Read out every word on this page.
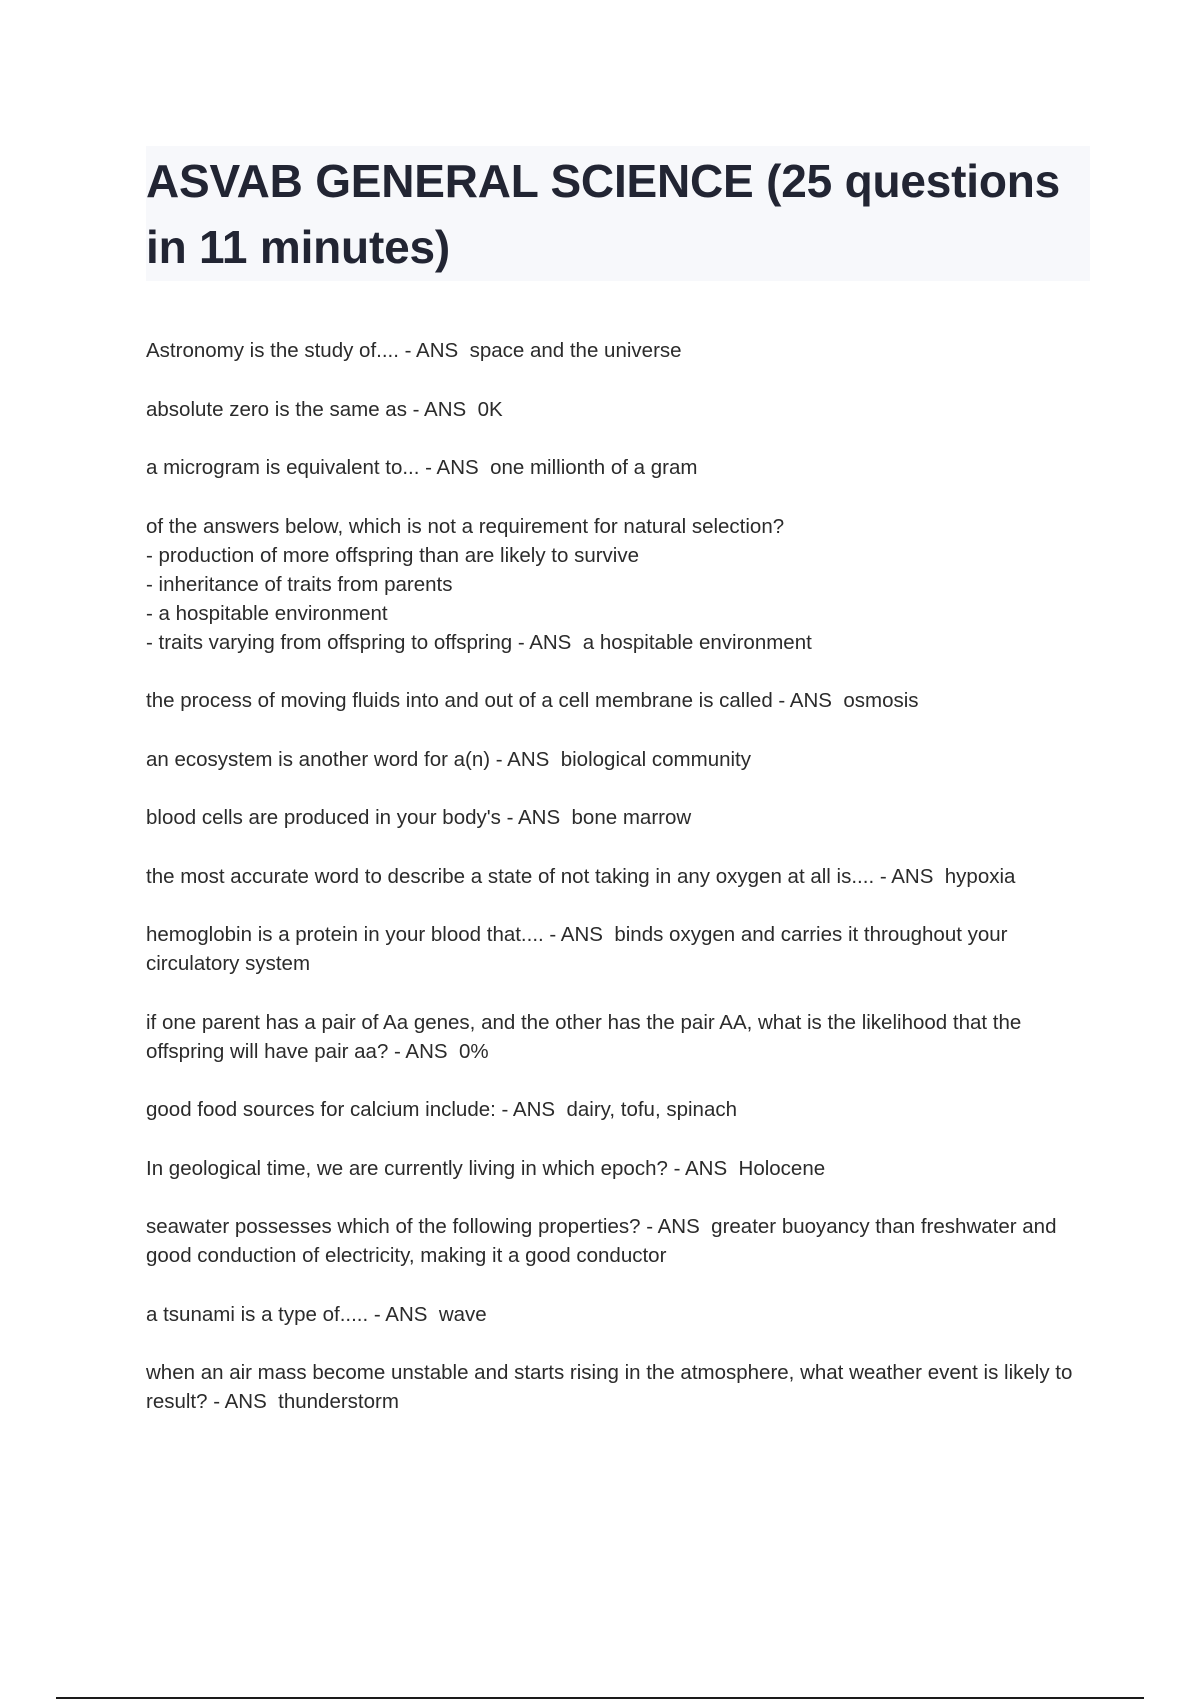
ASVAB GENERAL SCIENCE (25 questions in 11 minutes)
Astronomy is the study of.... - ANS  space and the universe
absolute zero is the same as - ANS  0K
a microgram is equivalent to... - ANS  one millionth of a gram
of the answers below, which is not a requirement for natural selection?
- production of more offspring than are likely to survive
- inheritance of traits from parents
- a hospitable environment
- traits varying from offspring to offspring - ANS  a hospitable environment
the process of moving fluids into and out of a cell membrane is called - ANS  osmosis
an ecosystem is another word for a(n) - ANS  biological community
blood cells are produced in your body's - ANS  bone marrow
the most accurate word to describe a state of not taking in any oxygen at all is.... - ANS  hypoxia
hemoglobin is a protein in your blood that.... - ANS  binds oxygen and carries it throughout your circulatory system
if one parent has a pair of Aa genes, and the other has the pair AA, what is the likelihood that the offspring will have pair aa? - ANS  0%
good food sources for calcium include: - ANS  dairy, tofu, spinach
In geological time, we are currently living in which epoch? - ANS  Holocene
seawater possesses which of the following properties? - ANS  greater buoyancy than freshwater and good conduction of electricity, making it a good conductor
a tsunami is a type of..... - ANS  wave
when an air mass become unstable and starts rising in the atmosphere, what weather event is likely to result? - ANS  thunderstorm
